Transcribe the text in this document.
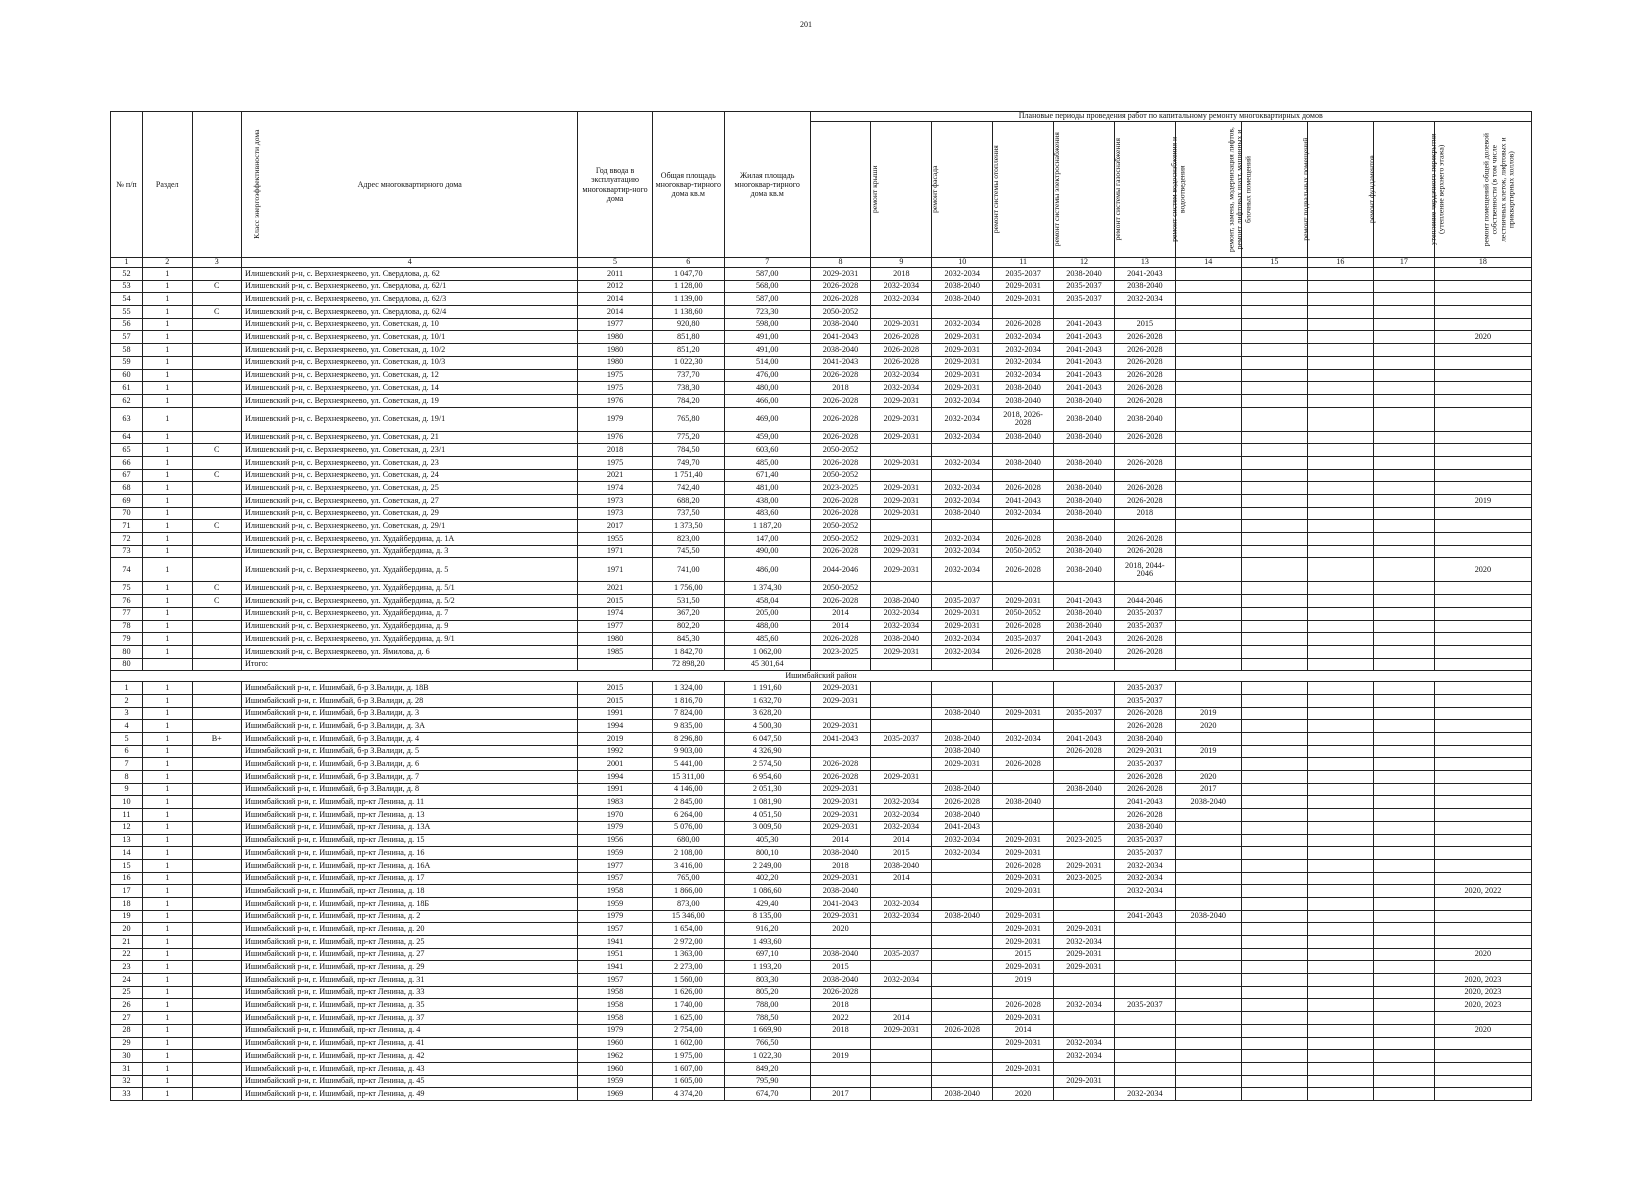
201
№ п/п	Раздел	Класс энергоэффективности дома	Адрес многоквартирного дома	Год ввода в эксплуатацию многоквартир-ного дома	Общая площадь многоквар-тирного дома кв.м	Жилая площадь многоквар-тирного дома кв.м	Плановые периоды проведения работ по капитальному ремонту многоквартирных домов										
							ремонт крыши	ремонт фасада	ремонт системы отопления	ремонт системы электроснабжения	ремонт системы газоснабжения	ремонт систем водоснабжения и водоотведения	ремонт, замена, модернизация лифтов, ремонт лифтовых шахт, машинных и блочных помещений	ремонт подвальных помещений	ремонт фундаментов	утепление чердачного перекрытия (утепление верхнего этажа)	ремонт помещений общей долевой собственности (в том числе лестничных клеток, лифтовых и приквартирных холлов)
1	2	3	4	5	6	7	8	9	10	11	12	13	14	15	16	17	18
52	1		Илишевский р-н, с. Верхнеяркеево, ул. Свердлова, д. 62	2011	1 047,70	587,00	2029-2031	2018	2032-2034	2035-2037	2038-2040	2041-2043					
53	1	С	Илишевский р-н, с. Верхнеяркеево, ул. Свердлова, д. 62/1	2012	1 128,00	568,00	2026-2028	2032-2034	2038-2040	2029-2031	2035-2037	2038-2040					
54	1		Илишевский р-н, с. Верхнеяркеево, ул. Свердлова, д. 62/3	2014	1 139,00	587,00	2026-2028	2032-2034	2038-2040	2029-2031	2035-2037	2032-2034					
55	1	С	Илишевский р-н, с. Верхнеяркеево, ул. Свердлова, д. 62/4	2014	1 138,60	723,30	2050-2052										
56	1		Илишевский р-н, с. Верхнеяркеево, ул. Советская, д. 10	1977	920,80	598,00	2038-2040	2029-2031	2032-2034	2026-2028	2041-2043	2015					
57	1		Илишевский р-н, с. Верхнеяркеево, ул. Советская, д. 10/1	1980	851,80	491,00	2041-2043	2026-2028	2029-2031	2032-2034	2041-2043	2026-2028					2020
58	1		Илишевский р-н, с. Верхнеяркеево, ул. Советская, д. 10/2	1980	851,20	491,00	2038-2040	2026-2028	2029-2031	2032-2034	2041-2043	2026-2028					
59	1		Илишевский р-н, с. Верхнеяркеево, ул. Советская, д. 10/3	1980	1 022,30	514,00	2041-2043	2026-2028	2029-2031	2032-2034	2041-2043	2026-2028					
60	1		Илишевский р-н, с. Верхнеяркеево, ул. Советская, д. 12	1975	737,70	476,00	2026-2028	2032-2034	2029-2031	2032-2034	2041-2043	2026-2028					
61	1		Илишевский р-н, с. Верхнеяркеево, ул. Советская, д. 14	1975	738,30	480,00	2018	2032-2034	2029-2031	2038-2040	2041-2043	2026-2028					
62	1		Илишевский р-н, с. Верхнеяркеево, ул. Советская, д. 19	1976	784,20	466,00	2026-2028	2029-2031	2032-2034	2038-2040	2038-2040	2026-2028					
63	1		Илишевский р-н, с. Верхнеяркеево, ул. Советская, д. 19/1	1979	765,80	469,00	2026-2028	2029-2031	2032-2034	2018, 2026-2028	2038-2040	2038-2040					
64	1		Илишевский р-н, с. Верхнеяркеево, ул. Советская, д. 21	1976	775,20	459,00	2026-2028	2029-2031	2032-2034	2038-2040	2038-2040	2026-2028					
65	1	С	Илишевский р-н, с. Верхнеяркеево, ул. Советская, д. 23/1	2018	784,50	603,60	2050-2052										
66	1		Илишевский р-н, с. Верхнеяркеево, ул. Советская, д. 23	1975	749,70	485,00	2026-2028	2029-2031	2032-2034	2038-2040	2038-2040	2026-2028					
67	1	С	Илишевский р-н, с. Верхнеяркеево, ул. Советская, д. 24	2021	1 751,40	671,40	2050-2052										
68	1		Илишевский р-н, с. Верхнеяркеево, ул. Советская, д. 25	1974	742,40	481,00	2023-2025	2029-2031	2032-2034	2026-2028	2038-2040	2026-2028					
69	1		Илишевский р-н, с. Верхнеяркеево, ул. Советская, д. 27	1973	688,20	438,00	2026-2028	2029-2031	2032-2034	2041-2043	2038-2040	2026-2028					2019
70	1		Илишевский р-н, с. Верхнеяркеево, ул. Советская, д. 29	1973	737,50	483,60	2026-2028	2029-2031	2038-2040	2032-2034	2038-2040	2018					
71	1	С	Илишевский р-н, с. Верхнеяркеево, ул. Советская, д. 29/1	2017	1 373,50	1 187,20	2050-2052										
72	1		Илишевский р-н, с. Верхнеяркеево, ул. Худайбердина, д. 1А	1955	823,00	147,00	2050-2052	2029-2031	2032-2034	2026-2028	2038-2040	2026-2028					
73	1		Илишевский р-н, с. Верхнеяркеево, ул. Худайбердина, д. 3	1971	745,50	490,00	2026-2028	2029-2031	2032-2034	2050-2052	2038-2040	2026-2028					
74	1		Илишевский р-н, с. Верхнеяркеево, ул. Худайбердина, д. 5	1971	741,00	486,00	2044-2046	2029-2031	2032-2034	2026-2028	2038-2040	2018, 2044-2046					2020
75	1	С	Илишевский р-н, с. Верхнеяркеево, ул. Худайбердина, д. 5/1	2021	1 756,00	1 374,30	2050-2052										
76	1	С	Илишевский р-н, с. Верхнеяркеево, ул. Худайбердина, д. 5/2	2015	531,50	458,04	2026-2028	2038-2040	2035-2037	2029-2031	2041-2043	2044-2046					
77	1		Илишевский р-н, с. Верхнеяркеево, ул. Худайбердина, д. 7	1974	367,20	205,00	2014	2032-2034	2029-2031	2050-2052	2038-2040	2035-2037					
78	1		Илишевский р-н, с. Верхнеяркеево, ул. Худайбердина, д. 9	1977	802,20	488,00	2014	2032-2034	2029-2031	2026-2028	2038-2040	2035-2037					
79	1		Илишевский р-н, с. Верхнеяркеево, ул. Худайбердина, д. 9/1	1980	845,30	485,60	2026-2028	2038-2040	2032-2034	2035-2037	2041-2043	2026-2028					
80	1		Илишевский р-н, с. Верхнеяркеево, ул. Ямилова, д. 6	1985	1 842,70	1 062,00	2023-2025	2029-2031	2032-2034	2026-2028	2038-2040	2026-2028					
80			Итого:		72 898,20	45 301,64											
Ишимбайский район																	
1	1		Ишимбайский р-н, г. Ишимбай, б-р З.Валиди, д. 18В	2015	1 324,00	1 191,60	2029-2031					2035-2037					
2	1		Ишимбайский р-н, г. Ишимбай, б-р З.Валиди, д. 28	2015	1 816,70	1 632,70	2029-2031					2035-2037					
3	1		Ишимбайский р-н, г. Ишимбай, б-р З.Валиди, д. 3	1991	7 824,00	3 628,20			2038-2040	2029-2031	2035-2037	2026-2028	2019				
4	1		Ишимбайский р-н, г. Ишимбай, б-р З.Валиди, д. 3А	1994	9 835,00	4 500,30	2029-2031					2026-2028	2020				
5	1	В+	Ишимбайский р-н, г. Ишимбай, б-р З.Валиди, д. 4	2019	8 296,80	6 047,50	2041-2043	2035-2037	2038-2040	2032-2034	2041-2043	2038-2040					
6	1		Ишимбайский р-н, г. Ишимбай, б-р З.Валиди, д. 5	1992	9 903,00	4 326,90			2038-2040		2026-2028	2029-2031	2019				
7	1		Ишимбайский р-н, г. Ишимбай, б-р З.Валиди, д. 6	2001	5 441,00	2 574,50	2026-2028		2029-2031	2026-2028		2035-2037					
8	1		Ишимбайский р-н, г. Ишимбай, б-р З.Валиди, д. 7	1994	15 311,00	6 954,60	2026-2028	2029-2031				2026-2028	2020				
9	1		Ишимбайский р-н, г. Ишимбай, б-р З.Валиди, д. 8	1991	4 146,00	2 051,30	2029-2031		2038-2040		2038-2040	2026-2028	2017				
10	1		Ишимбайский р-н, г. Ишимбай, пр-кт Ленина, д. 11	1983	2 845,00	1 081,90	2029-2031	2032-2034	2026-2028	2038-2040		2041-2043	2038-2040				
11	1		Ишимбайский р-н, г. Ишимбай, пр-кт Ленина, д. 13	1970	6 264,00	4 051,50	2029-2031	2032-2034	2038-2040			2026-2028					
12	1		Ишимбайский р-н, г. Ишимбай, пр-кт Ленина, д. 13А	1979	5 076,00	3 009,50	2029-2031	2032-2034	2041-2043			2038-2040					
13	1		Ишимбайский р-н, г. Ишимбай, пр-кт Ленина, д. 15	1956	680,00	405,30	2014	2014	2032-2034	2029-2031	2023-2025	2035-2037					
14	1		Ишимбайский р-н, г. Ишимбай, пр-кт Ленина, д. 16	1959	2 108,00	800,10	2038-2040	2015	2032-2034	2029-2031		2035-2037					
15	1		Ишимбайский р-н, г. Ишимбай, пр-кт Ленина, д. 16А	1977	3 416,00	2 249,00	2018	2038-2040		2026-2028	2029-2031	2032-2034					
16	1		Ишимбайский р-н, г. Ишимбай, пр-кт Ленина, д. 17	1957	765,00	402,20	2029-2031	2014		2029-2031	2023-2025	2032-2034					
17	1		Ишимбайский р-н, г. Ишимбай, пр-кт Ленина, д. 18	1958	1 866,00	1 086,60	2038-2040			2029-2031		2032-2034					2020, 2022
18	1		Ишимбайский р-н, г. Ишимбай, пр-кт Ленина, д. 18Б	1959	873,00	429,40	2041-2043	2032-2034									
19	1		Ишимбайский р-н, г. Ишимбай, пр-кт Ленина, д. 2	1979	15 346,00	8 135,00	2029-2031	2032-2034	2038-2040	2029-2031		2041-2043	2038-2040				
20	1		Ишимбайский р-н, г. Ишимбай, пр-кт Ленина, д. 20	1957	1 654,00	916,20	2020			2029-2031	2029-2031						
21	1		Ишимбайский р-н, г. Ишимбай, пр-кт Ленина, д. 25	1941	2 972,00	1 493,60				2029-2031	2032-2034						
22	1		Ишимбайский р-н, г. Ишимбай, пр-кт Ленина, д. 27	1951	1 363,00	697,10	2038-2040	2035-2037		2015	2029-2031						2020
23	1		Ишимбайский р-н, г. Ишимбай, пр-кт Ленина, д. 29	1941	2 273,00	1 193,20	2015			2029-2031	2029-2031						
24	1		Ишимбайский р-н, г. Ишимбай, пр-кт Ленина, д. 31	1957	1 560,00	803,30	2038-2040	2032-2034		2019							2020, 2023
25	1		Ишимбайский р-н, г. Ишимбай, пр-кт Ленина, д. 33	1958	1 626,00	805,20	2026-2028										2020, 2023
26	1		Ишимбайский р-н, г. Ишимбай, пр-кт Ленина, д. 35	1958	1 740,00	788,00	2018			2026-2028	2032-2034	2035-2037					2020, 2023
27	1		Ишимбайский р-н, г. Ишимбай, пр-кт Ленина, д. 37	1958	1 625,00	788,50	2022	2014		2029-2031							
28	1		Ишимбайский р-н, г. Ишимбай, пр-кт Ленина, д. 4	1979	2 754,00	1 669,90	2018	2029-2031	2026-2028	2014							2020
29	1		Ишимбайский р-н, г. Ишимбай, пр-кт Ленина, д. 41	1960	1 602,00	766,50				2029-2031	2032-2034						
30	1		Ишимбайский р-н, г. Ишимбай, пр-кт Ленина, д. 42	1962	1 975,00	1 022,30	2019				2032-2034						
31	1		Ишимбайский р-н, г. Ишимбай, пр-кт Ленина, д. 43	1960	1 607,00	849,20				2029-2031							
32	1		Ишимбайский р-н, г. Ишимбай, пр-кт Ленина, д. 45	1959	1 605,00	795,90					2029-2031						
33	1		Ишимбайский р-н, г. Ишимбай, пр-кт Ленина, д. 49	1969	4 374,20	674,70	2017		2038-2040	2020		2032-2034					
